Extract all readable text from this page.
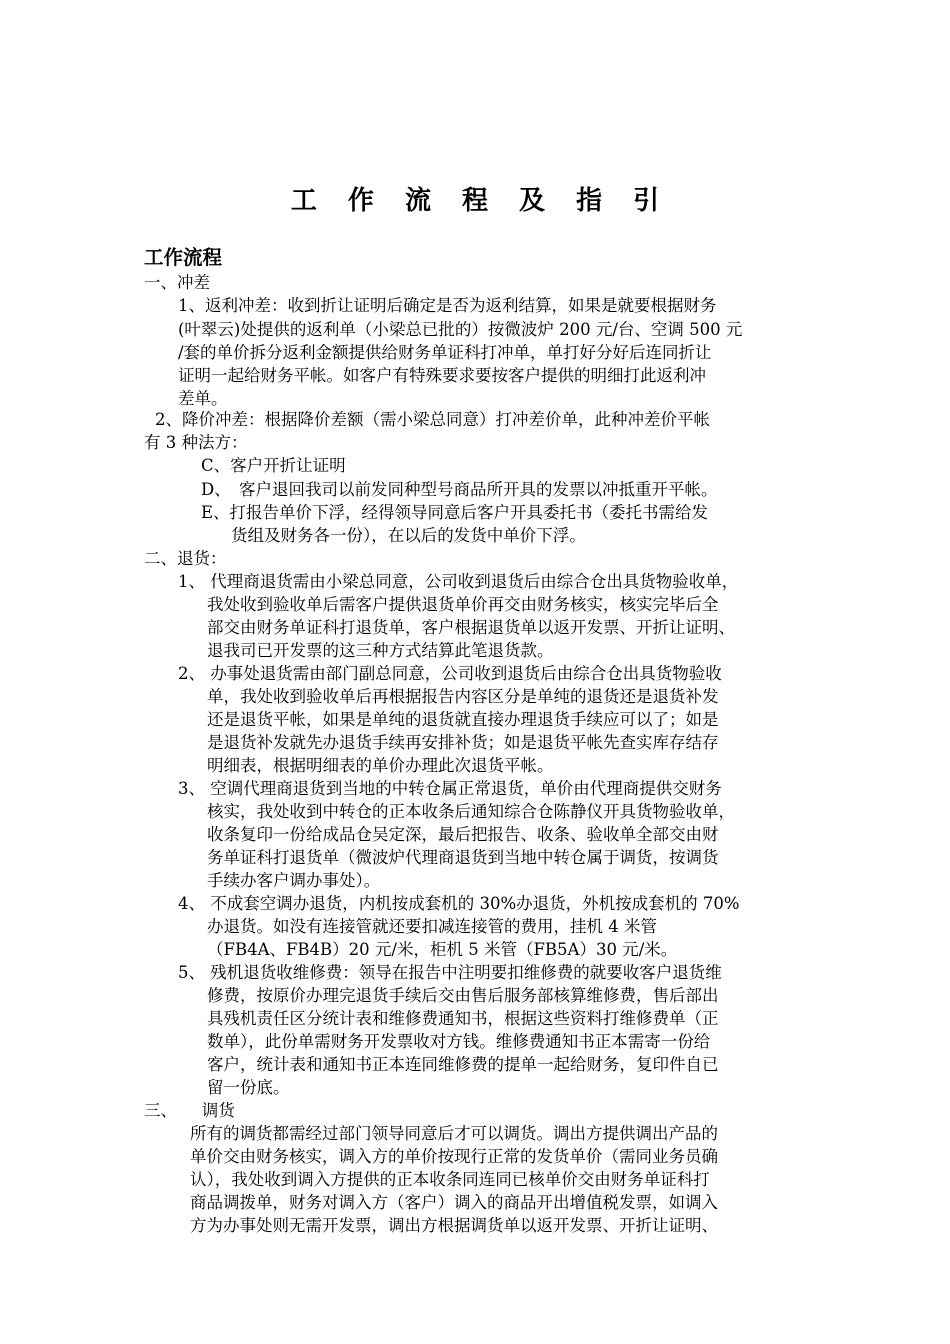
工 作 流 程 及 指 引
工作流程
一、冲差
1、返利冲差：收到折让证明后确定是否为返利结算，如果是就要根据财务
(叶翠云)处提供的返利单（小梁总已批的）按微波炉 200 元/台、空调 500 元
/套的单价拆分返利金额提供给财务单证科打冲单，单打好分好后连同折让
证明一起给财务平帐。如客户有特殊要求要按客户提供的明细打此返利冲
差单。
2、降价冲差：根据降价差额（需小梁总同意）打冲差价单，此种冲差价平帐
有 3 种法方：
C、客户开折让证明
D、　客户退回我司以前发同种型号商品所开具的发票以冲抵重开平帐。
E、打报告单价下浮，经得领导同意后客户开具委托书（委托书需给发
货组及财务各一份），在以后的发货中单价下浮。
二、退货：
1、 代理商退货需由小梁总同意，公司收到退货后由综合仓出具货物验收单，
我处收到验收单后需客户提供退货单价再交由财务核实，核实完毕后全
部交由财务单证科打退货单，客户根据退货单以返开发票、开折让证明、
退我司已开发票的这三种方式结算此笔退货款。
2、 办事处退货需由部门副总同意，公司收到退货后由综合仓出具货物验收
单，我处收到验收单后再根据报告内容区分是单纯的退货还是退货补发
还是退货平帐，如果是单纯的退货就直接办理退货手续应可以了；如是
是退货补发就先办退货手续再安排补货；如是退货平帐先查实库存结存
明细表，根据明细表的单价办理此次退货平帐。
3、 空调代理商退货到当地的中转仓属正常退货，单价由代理商提供交财务
核实，我处收到中转仓的正本收条后通知综合仓陈静仪开具货物验收单，
收条复印一份给成品仓吴定深，最后把报告、收条、验收单全部交由财
务单证科打退货单（微波炉代理商退货到当地中转仓属于调货，按调货
手续办客户调办事处）。
4、 不成套空调办退货，内机按成套机的 30%办退货，外机按成套机的 70%
办退货。如没有连接管就还要扣减连接管的费用，挂机 4 米管
（FB4A、FB4B）20 元/米，柜机 5 米管（FB5A）30 元/米。
5、 残机退货收维修费：领导在报告中注明要扣维修费的就要收客户退货维
修费，按原价办理完退货手续后交由售后服务部核算维修费，售后部出
具残机责任区分统计表和维修费通知书，根据这些资料打维修费单（正
数单），此份单需财务开发票收对方钱。维修费通知书正本需寄一份给
客户，统计表和通知书正本连同维修费的提单一起给财务，复印件自已
留一份底。
三、　　调货
所有的调货都需经过部门领导同意后才可以调货。调出方提供调出产品的
单价交由财务核实，调入方的单价按现行正常的发货单价（需同业务员确
认），我处收到调入方提供的正本收条同连同已核单价交由财务单证科打
商品调拨单，财务对调入方（客户）调入的商品开出增值税发票，如调入
方为办事处则无需开发票，调出方根据调货单以返开发票、开折让证明、
